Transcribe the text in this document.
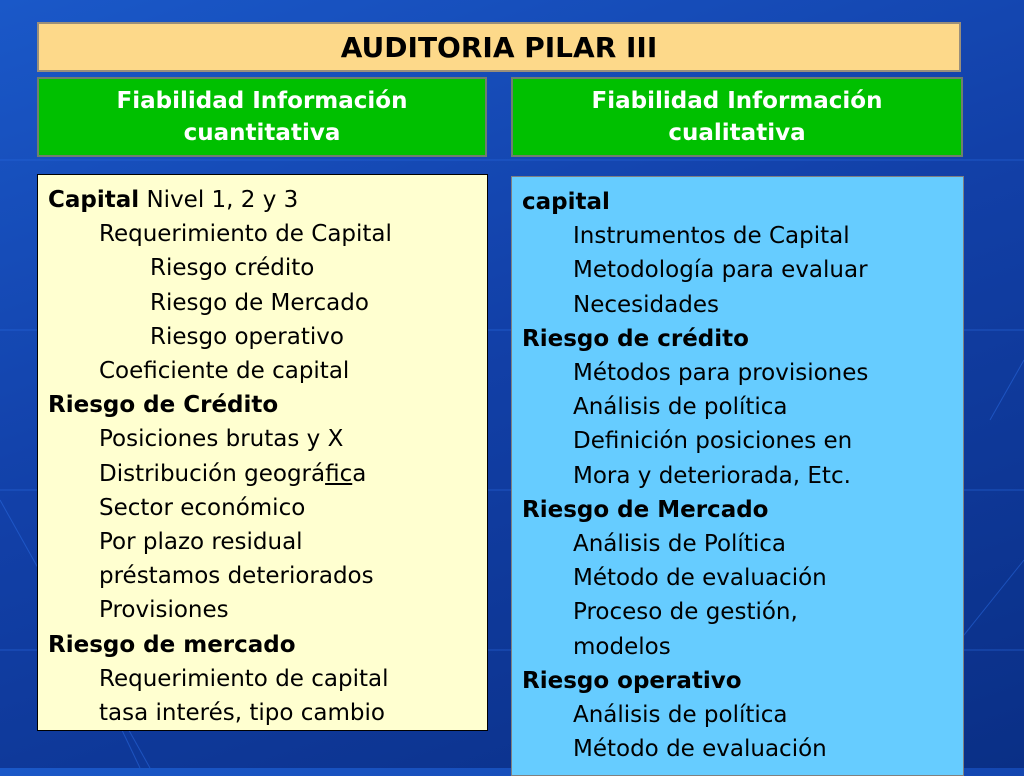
AUDITORIA PILAR III
Fiabilidad Información
cuantitativa
Fiabilidad Información
cualitativa
Capital Nivel 1, 2 y 3
Requerimiento de Capital
Riesgo crédito
Riesgo de Mercado
Riesgo operativo
Coeficiente de capital
Riesgo de Crédito
Posiciones brutas y X
Distribución geográfica
Sector económico
Por plazo residual
préstamos deteriorados
Provisiones
Riesgo de mercado
Requerimiento de capital
tasa interés, tipo cambio
capital
Instrumentos de Capital
Metodología para evaluar
Necesidades
Riesgo de crédito
Métodos para provisiones
Análisis de política
Definición posiciones en
Mora y deteriorada, Etc.
Riesgo de Mercado
Análisis de Política
Método de evaluación
Proceso de gestión,
modelos
Riesgo operativo
Análisis de política
Método de evaluación
